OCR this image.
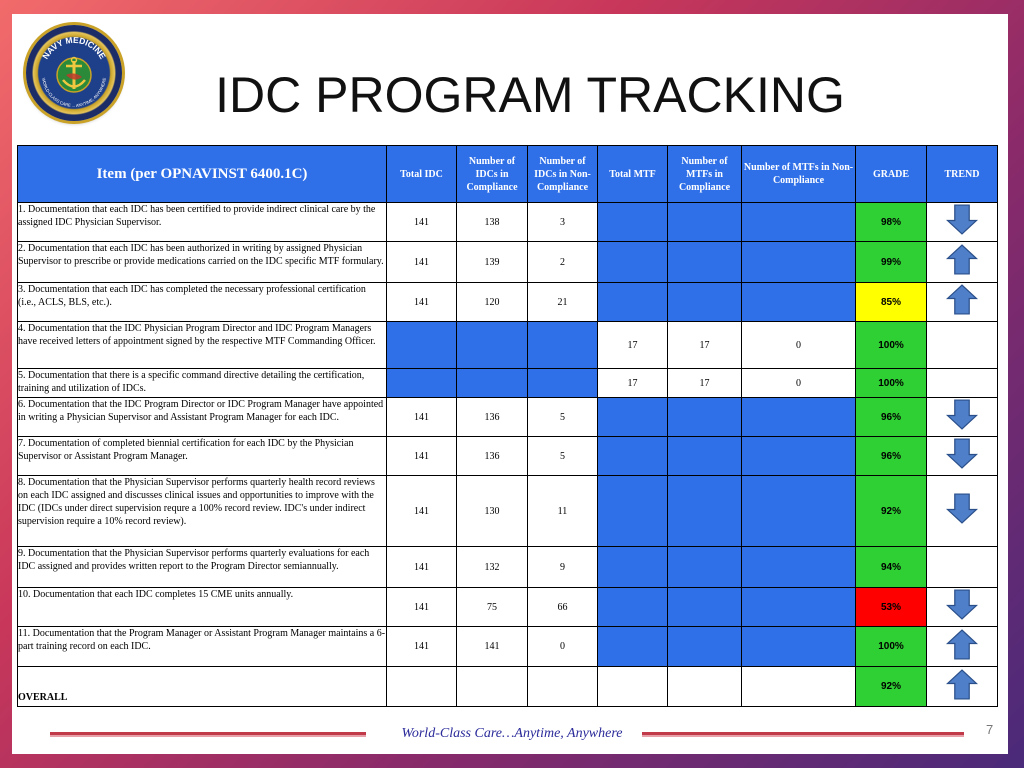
NAVY MEDICINE
WORLD-CLASS CARE ... ANYTIME, ANYWHERE	IDC PROGRAM TRACKING
Item (per OPNAVINST 6400.1C)	Total IDC	Number of IDCs in Compliance	Number of IDCs in Non-Compliance	Total MTF	Number of MTFs in Compliance	Number of MTFs in Non- Compliance	GRADE	TREND
1. Documentation that each IDC has been certified to provide indirect clinical care by the assigned IDC Physician Supervisor.	141	138	3				98%	
2. Documentation that each IDC has been authorized in writing by assigned Physician Supervisor to prescribe or provide medications carried on the IDC specific MTF formulary.	141	139	2				99%	
3. Documentation that each IDC has completed the necessary professional certification (i.e., ACLS, BLS, etc.).	141	120	21				85%	
4. Documentation that the IDC Physician Program Director and IDC Program Managers have received letters of appointment signed by the respective MTF Commanding Officer.				17	17	0	100%	
5. Documentation that there is a specific command directive detailing the certification, training and utilization of IDCs.				17	17	0	100%	
6. Documentation that the IDC Program Director or IDC Program Manager have appointed in writing a Physician Supervisor and Assistant Program Manager for each IDC.	141	136	5				96%	
7. Documentation of completed biennial certification for each IDC by the Physician Supervisor or Assistant Program Manager.	141	136	5				96%	
8. Documentation that the Physician Supervisor performs quarterly health record reviews on each IDC assigned and discusses clinical issues and opportunities to improve with the IDC (IDCs under direct supervision requre a 100% record review. IDC's under indirect supervision require a 10% record review).	141	130	11				92%	
9. Documentation that the Physician Supervisor performs quarterly evaluations for each IDC assigned and provides written report to the Program Director semiannually.	141	132	9				94%	
10. Documentation that each IDC completes 15 CME units annually.	141	75	66				53%	
11. Documentation that the Program Manager or Assistant Program Manager maintains a 6-part training record on each IDC.	141	141	0				100%	
OVERALL							92%	
World-Class Care…Anytime, Anywhere	7
